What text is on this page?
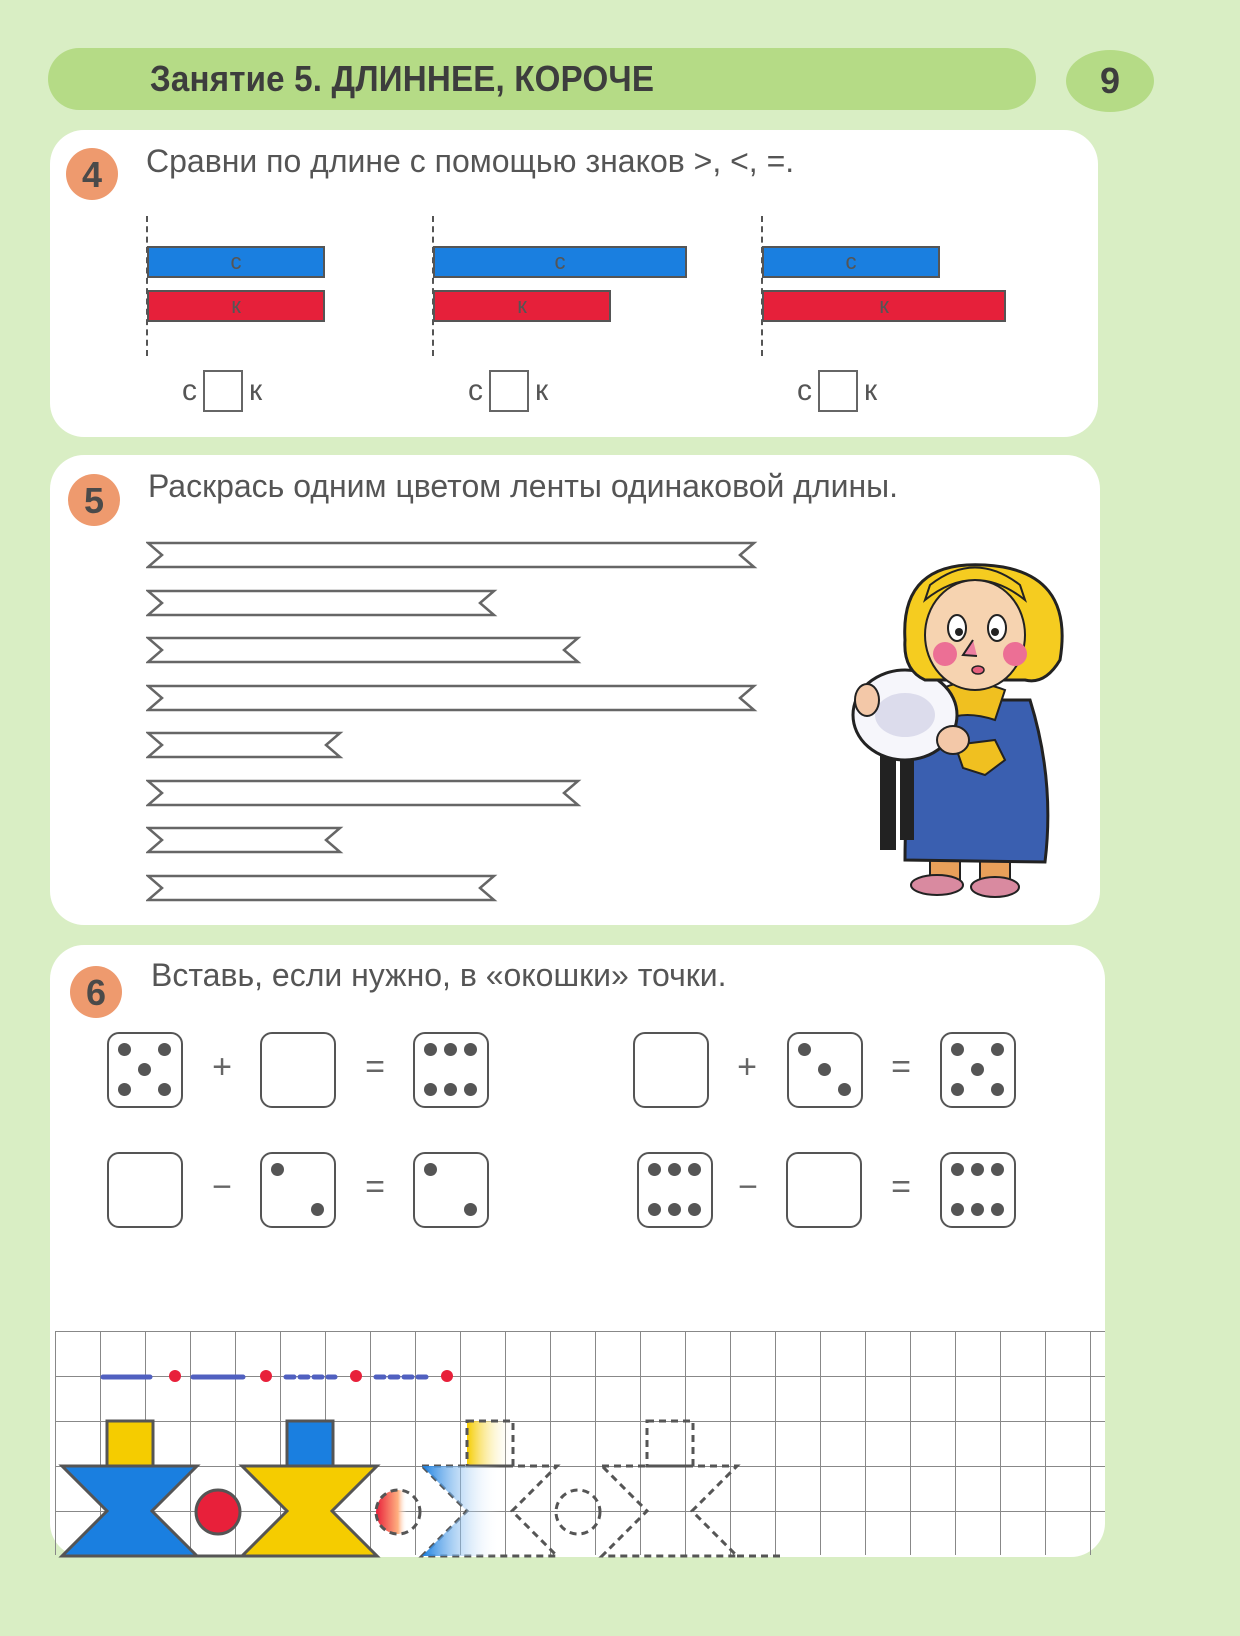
Занятие 5. ДЛИННЕЕ, КОРОЧЕ	9
4	Сравни по длине с помощью знаков >, <, =.
с
к
с к
с
к
с к
с
к
с к
5	Раскрась одним цветом ленты одинаковой длины.
6	Вставь, если нужно, в «окошки» точки.
+	=	+	=
−	=	−	=
